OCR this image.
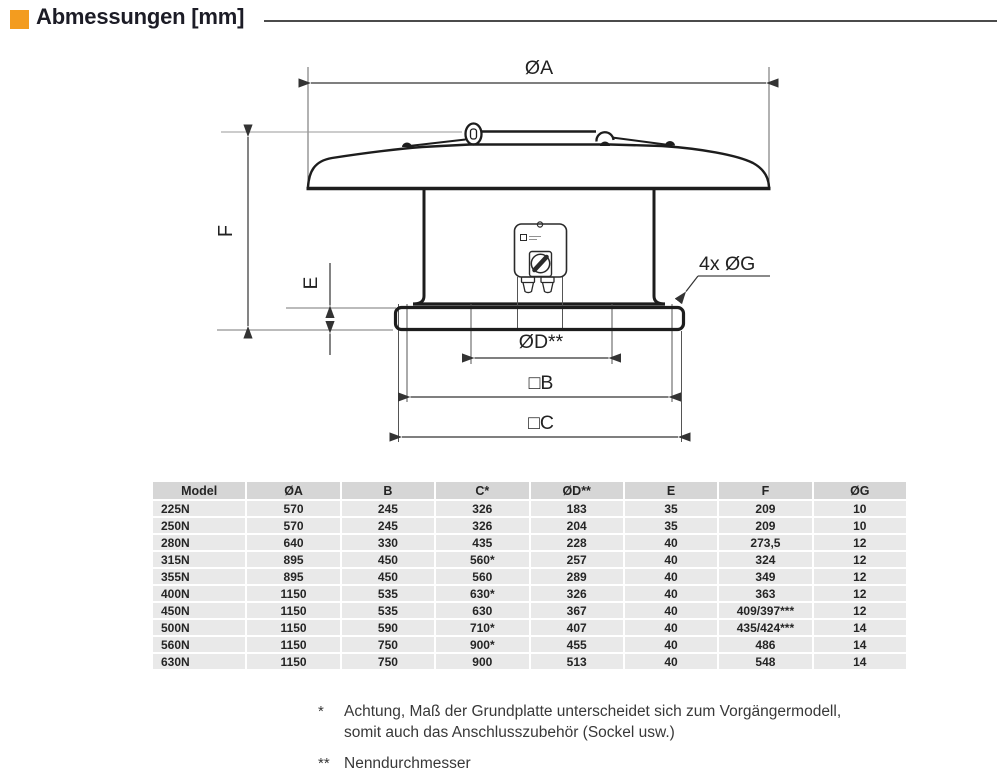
Abmessungen [mm]
ØA
F
E
4x ØG
ØD**
□B
□C
Model	ØA	B	C*	ØD**	E	F	ØG
225N	570	245	326	183	35	209	10
250N	570	245	326	204	35	209	10
280N	640	330	435	228	40	273,5	12
315N	895	450	560*	257	40	324	12
355N	895	450	560	289	40	349	12
400N	1150	535	630*	326	40	363	12
450N	1150	535	630	367	40	409/397***	12
500N	1150	590	710*	407	40	435/424***	14
560N	1150	750	900*	455	40	486	14
630N	1150	750	900	513	40	548	14
*	Achtung, Maß der Grundplatte unterscheidet sich zum Vorgängermodell,
somit auch das Anschlusszubehör (Sockel usw.)
** Nenndurchmesser
